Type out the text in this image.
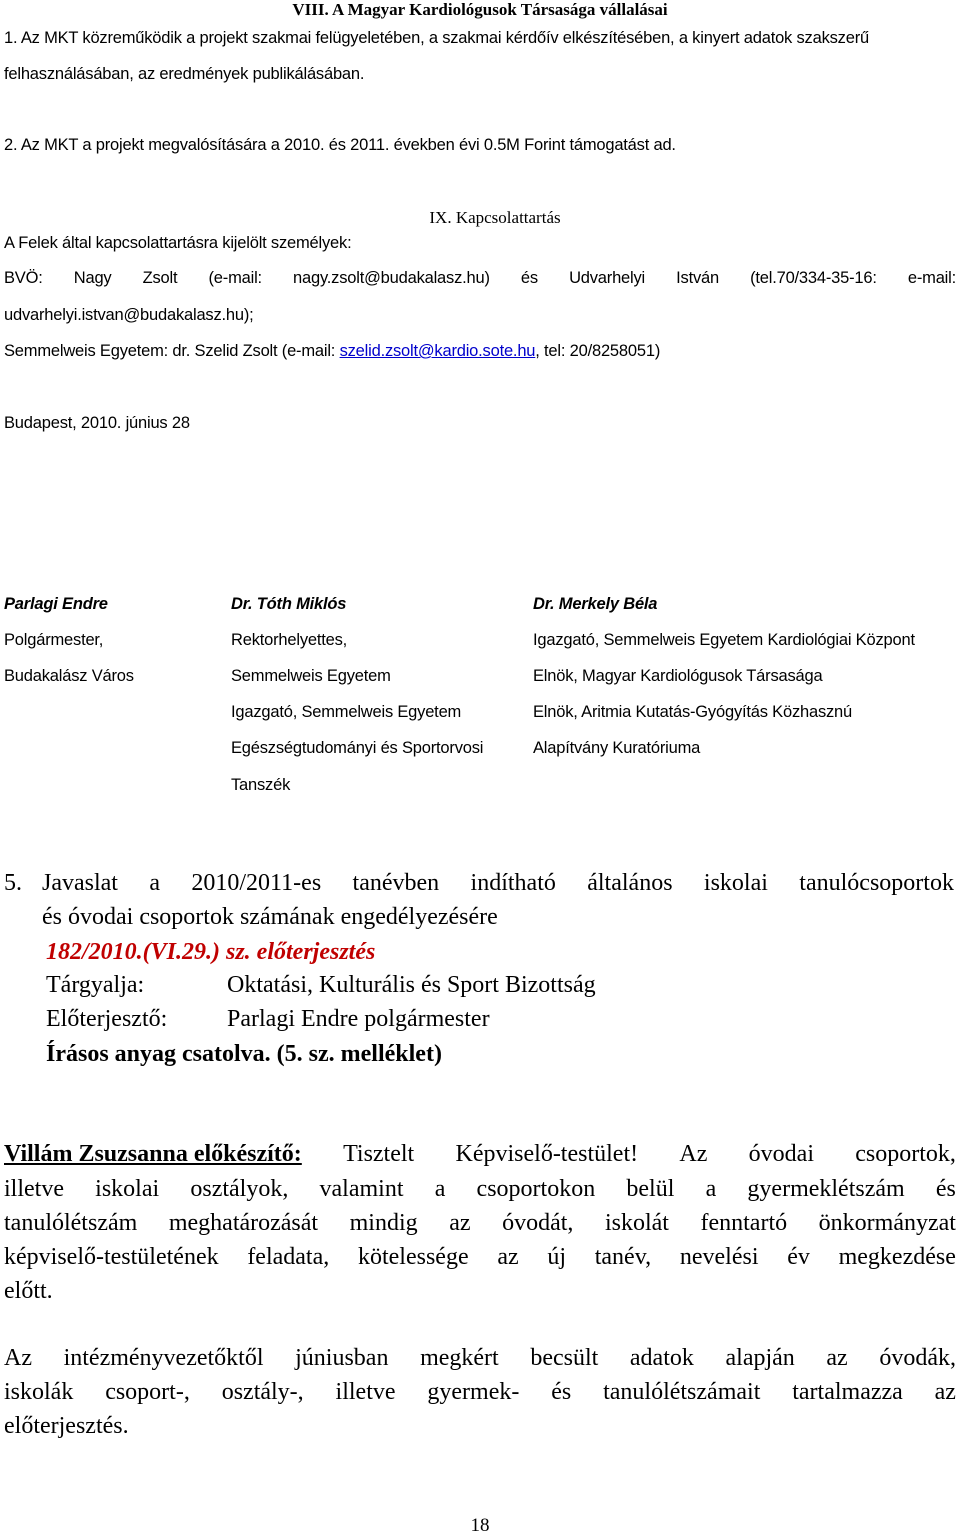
VIII. A Magyar Kardiológusok Társasága vállalásai
1. Az MKT közreműködik a projekt szakmai felügyeletében, a szakmai kérdőív elkészítésében, a kinyert adatok szakszerű
felhasználásában, az eredmények publikálásában.
2. Az MKT a projekt megvalósítására a 2010. és 2011. években évi 0.5M Forint támogatást ad.
IX. Kapcsolattartás
A Felek által kapcsolattartásra kijelölt személyek:
BVÖ: Nagy Zsolt (e-mail: nagy.zsolt@budakalasz.hu) és Udvarhelyi István (tel.70/334-35-16: e-mail:
udvarhelyi.istvan@budakalasz.hu);
Semmelweis Egyetem: dr. Szelid Zsolt (e-mail: szelid.zsolt@kardio.sote.hu, tel: 20/8258051)
Budapest, 2010. június 28
Parlagi Endre
Polgármester,
Budakalász Város
Dr. Tóth Miklós
Rektorhelyettes,
Semmelweis Egyetem
Igazgató, Semmelweis Egyetem
Egészségtudományi és Sportorvosi
Tanszék
Dr. Merkely Béla
Igazgató, Semmelweis Egyetem Kardiológiai Központ
Elnök, Magyar Kardiológusok Társasága
Elnök, Aritmia Kutatás-Gyógyítás Közhasznú
Alapítvány Kuratóriuma
5. Javaslat a 2010/2011-es tanévben indítható általános iskolai tanulócsoportok
és óvodai csoportok számának engedélyezésére
182/2010.(VI.29.) sz. előterjesztés
Tárgyalja:	Oktatási, Kulturális és Sport Bizottság
Előterjesztő: Parlagi Endre polgármester
Írásos anyag csatolva. (5. sz. melléklet)
Villám Zsuzsanna előkészítő: Tisztelt Képviselő-testület! Az óvodai csoportok,
illetve iskolai osztályok, valamint a csoportokon belül a gyermeklétszám és
tanulólétszám meghatározását mindig az óvodát, iskolát fenntartó önkormányzat
képviselő-testületének feladata, kötelessége az új tanév, nevelési év megkezdése
előtt.
Az intézményvezetőktől júniusban megkért becsült adatok alapján az óvodák,
iskolák csoport-, osztály-, illetve gyermek- és tanulólétszámait tartalmazza az
előterjesztés.
18
